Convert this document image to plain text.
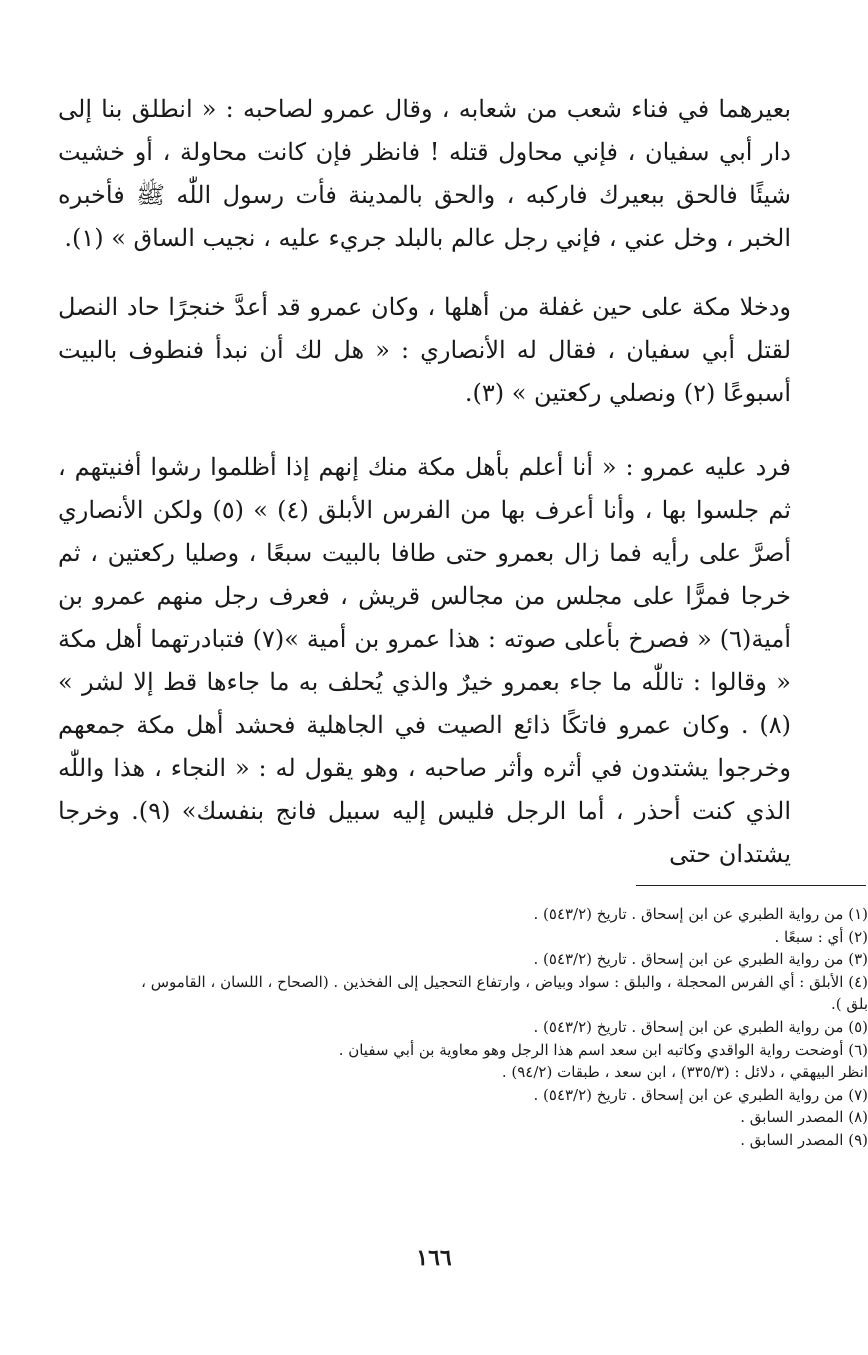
بعيرهما في فناء شعب من شعابه ، وقال عمرو لصاحبه : « انطلق بنا إلى دار أبي سفيان ، فإني محاول قتله ! فانظر فإن كانت محاولة ، أو خشيت شيئًا فالحق ببعيرك فاركبه ، والحق بالمدينة فأت رسول اللّٰه ﷺ فأخبره الخبر ، وخل عني ، فإني رجل عالم بالبلد جريء عليه ، نجيب الساق » (١).

ودخلا مكة على حين غفلة من أهلها ، وكان عمرو قد أعدَّ خنجرًا حاد النصل لقتل أبي سفيان ، فقال له الأنصاري : « هل لك أن نبدأ فنطوف بالبيت أسبوعًا (٢) ونصلي ركعتين » (٣).

فرد عليه عمرو : « أنا أعلم بأهل مكة منك إنهم إذا أظلموا رشوا أفنيتهم ، ثم جلسوا بها ، وأنا أعرف بها من الفرس الأبلق (٤) » (٥) ولكن الأنصاري أصرَّ على رأيه فما زال بعمرو حتى طافا بالبيت سبعًا ، وصليا ركعتين ، ثم خرجا فمرًّا على مجلس من مجالس قريش ، فعرف رجل منهم عمرو بن أمية(٦) « فصرخ بأعلى صوته : هذا عمرو بن أمية »(٧) فتبادرتهما أهل مكة « وقالوا : تاللّٰه ما جاء بعمرو خيرٌ والذي يُحلف به ما جاءها قط إلا لشر » (٨) . وكان عمرو فاتكًا ذائع الصيت في الجاهلية فحشد أهل مكة جمعهم وخرجوا يشتدون في أثره وأثر صاحبه ، وهو يقول له : « النجاء ، هذا واللّٰه الذي كنت أحذر ، أما الرجل فليس إليه سبيل فانج بنفسك» (٩). وخرجا يشتدان حتى

(١) من رواية الطبري عن ابن إسحاق . تاريخ (٥٤٣/٢) .
(٢) أي : سبعًا .
(٣) من رواية الطبري عن ابن إسحاق . تاريخ (٥٤٣/٢) .
(٤) الأبلق : أي الفرس المحجلة ، والبلق : سواد وبياض ، وارتفاع التحجيل إلى الفخذين . (الصحاح ، اللسان ، القاموس ، بلق ).
(٥) من رواية الطبري عن ابن إسحاق . تاريخ (٥٤٣/٢) .
(٦) أوضحت رواية الواقدي وكاتبه ابن سعد اسم هذا الرجل وهو معاوية بن أبي سفيان .
انظر البيهقي ، دلائل : (٣٣٥/٣) ، ابن سعد ، طبقات (٩٤/٢) .
(٧) من رواية الطبري عن ابن إسحاق . تاريخ (٥٤٣/٢) .
(٨) المصدر السابق .
(٩) المصدر السابق .
١٦٦
